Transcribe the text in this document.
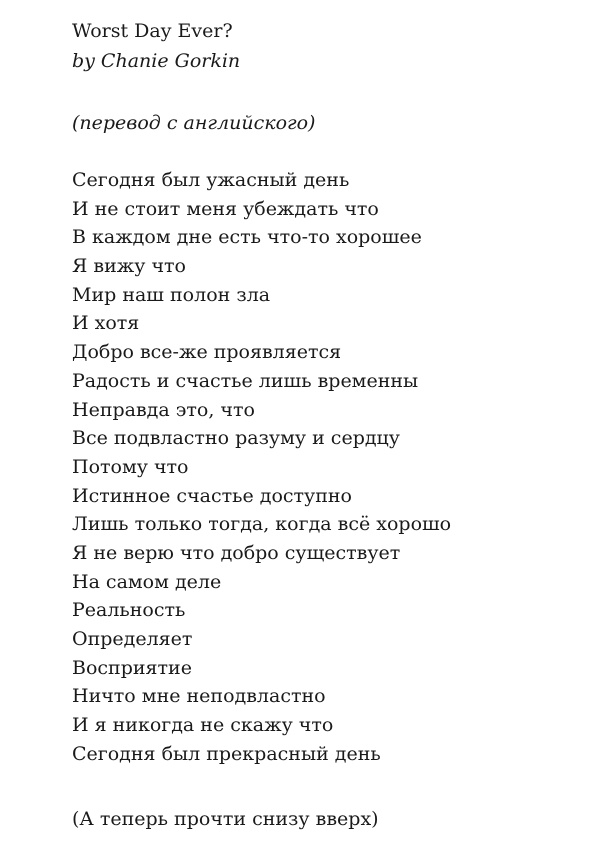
Worst Day Ever?
by Chanie Gorkin
(перевод с английского)
Сегодня был ужасный день
И не стоит меня убеждать что
В каждом дне есть что-то хорошее
Я вижу что
Мир наш полон зла
И хотя
Добро все-же проявляется
Радость и счастье лишь временны
Неправда это, что
Все подвластно разуму и сердцу
Потому что
Истинное счастье доступно
Лишь только тогда, когда всё хорошо
Я не верю что добро существует
На самом деле
Реальность
Определяет
Восприятие
Ничто мне неподвластно
И я никогда не скажу что
Сегодня был прекрасный день
(А теперь прочти снизу вверх)
